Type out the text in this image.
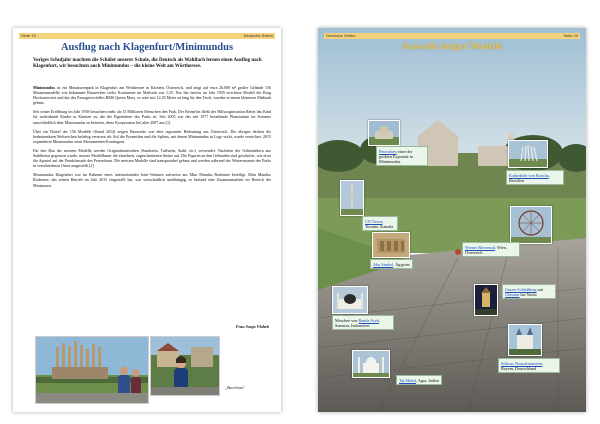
Seite 19	Deutsche Seiten
Ausflug nach Klagenfurt/Minimundus
Voriges Schuljahr machten die Schüler unserer Schule, die Deutsch als Wahlfach lernen einen Ausflug nach Klagenfurt, wir besuchten auch Minimundus – die kleine Welt am Wörthersee.

Minimundus ist ein Miniaturenpark in Klagenfurt am Wörthersee in Kärnten, Österreich, und zeigt auf etwa 26.000 m² großer Gelände 156 Miniaturmodelle von bekannten Bauwerken vieler Kontinente im Maßstab von 1:25. Nur das bereits im Jahr 1959 errichtete Modell der Borg Hochosterwitz und das des Passagierschiffes RMS Queen Mary, es wäre mit 12,45 Meter zu lang für den Teich, wurden in einem kleineren Maßstab gebaut.

Seit seiner Eröffnung im Jahr 1958 besuchten mehr als 15 Millionen Menschen den Park. Der Reinerlös fließt der Hilfsorganisation Rettet das Kind für notleidende Kinder in Kärnten zu, die der Eigentümer des Parks ist. Seit 2003 war das seit 1977 bestehende Planetarium im Sommer ausschließlich über Minimundus zu betreten, diese Kooperation lief aber 2007 aus.[1]

Über ein Drittel der 156 Modelle (Stand 2014) zeigen Bauwerke von eher regionaler Bedeutung aus Österreich. Die übrigen decken die bedeutendsten Weltzeichen beliebig verstreut ab: Auf die Pyramiden und die Sphinx, mit denen Minimundus in Logo wirbt, wurde verzichtet. 2015 expandierte Minimundus seine Monumenten-Kontingent.

Für den Bau der meisten Modelle werden Originalmaterialien (Sandstein, Tuffstein, Stahl, etc.) verwendet. Nachdem der Gebäudekern aus Stahlbeton gegossen wurde, musste Modellbauer die einzelnen, zugeschnittenen Steine auf. Die Figuren an den Gebäuden sind geschnitzt, wie etwa die Apostel auf der Prunkfassade des Petersdoms. Die meisten Modelle sind transportabel gebaut und werden während der Wintermonate des Parks in verschiedenen Orten ausgestellt.[2]

Minimundus Klagenfurt war im Rahmen eines internationalen Joint-Ventures zeitweise am Mini Mundus Bodensee beteiligt. Mini Mundus Bodensee, das seinen Betrieb im Jahr 2013 eingestellt hat, war wirtschaftlich unabhängig, es bestand eine Zusammenarbeit im Bereich der Miniaturen.

Frau Sonja Vlahek
„Barcelona“
Deutsche Seiten	Seite 20
Auswahl einiger Modelle
Petersdom einer der größten Exponate in Minimundus
Kathedrale von Brasília, Brasilien
CN Tower, Toronto, Kanada
Abu Simbel, Ägypten
Wiener Riesenrad, Wien, Österreich
Grazer Schloßberg mit Uhrturm bei Nacht
Moschee von Banda Aceh, Sumatra, Indonesien
Schloss Neuschwanstein, Bayern, Deutschland
Taj Mahal, Agra, Indien
